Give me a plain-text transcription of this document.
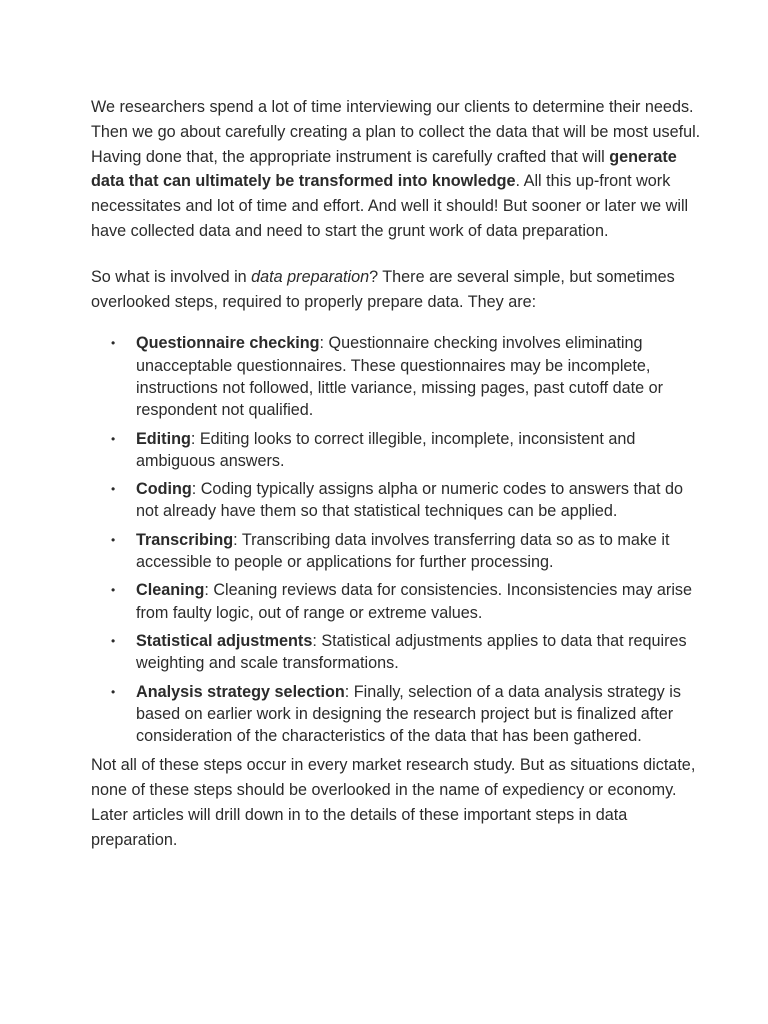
We researchers spend a lot of time interviewing our clients to determine their needs. Then we go about carefully creating a plan to collect the data that will be most useful. Having done that, the appropriate instrument is carefully crafted that will generate data that can ultimately be transformed into knowledge. All this up-front work necessitates and lot of time and effort. And well it should! But sooner or later we will have collected data and need to start the grunt work of data preparation.

So what is involved in data preparation? There are several simple, but sometimes overlooked steps, required to properly prepare data. They are:

• Questionnaire checking: Questionnaire checking involves eliminating unacceptable questionnaires. These questionnaires may be incomplete, instructions not followed, little variance, missing pages, past cutoff date or respondent not qualified.
• Editing: Editing looks to correct illegible, incomplete, inconsistent and ambiguous answers.
• Coding: Coding typically assigns alpha or numeric codes to answers that do not already have them so that statistical techniques can be applied.
• Transcribing: Transcribing data involves transferring data so as to make it accessible to people or applications for further processing.
• Cleaning: Cleaning reviews data for consistencies. Inconsistencies may arise from faulty logic, out of range or extreme values.
• Statistical adjustments: Statistical adjustments applies to data that requires weighting and scale transformations.
• Analysis strategy selection: Finally, selection of a data analysis strategy is based on earlier work in designing the research project but is finalized after consideration of the characteristics of the data that has been gathered.

Not all of these steps occur in every market research study. But as situations dictate, none of these steps should be overlooked in the name of expediency or economy. Later articles will drill down in to the details of these important steps in data preparation.
